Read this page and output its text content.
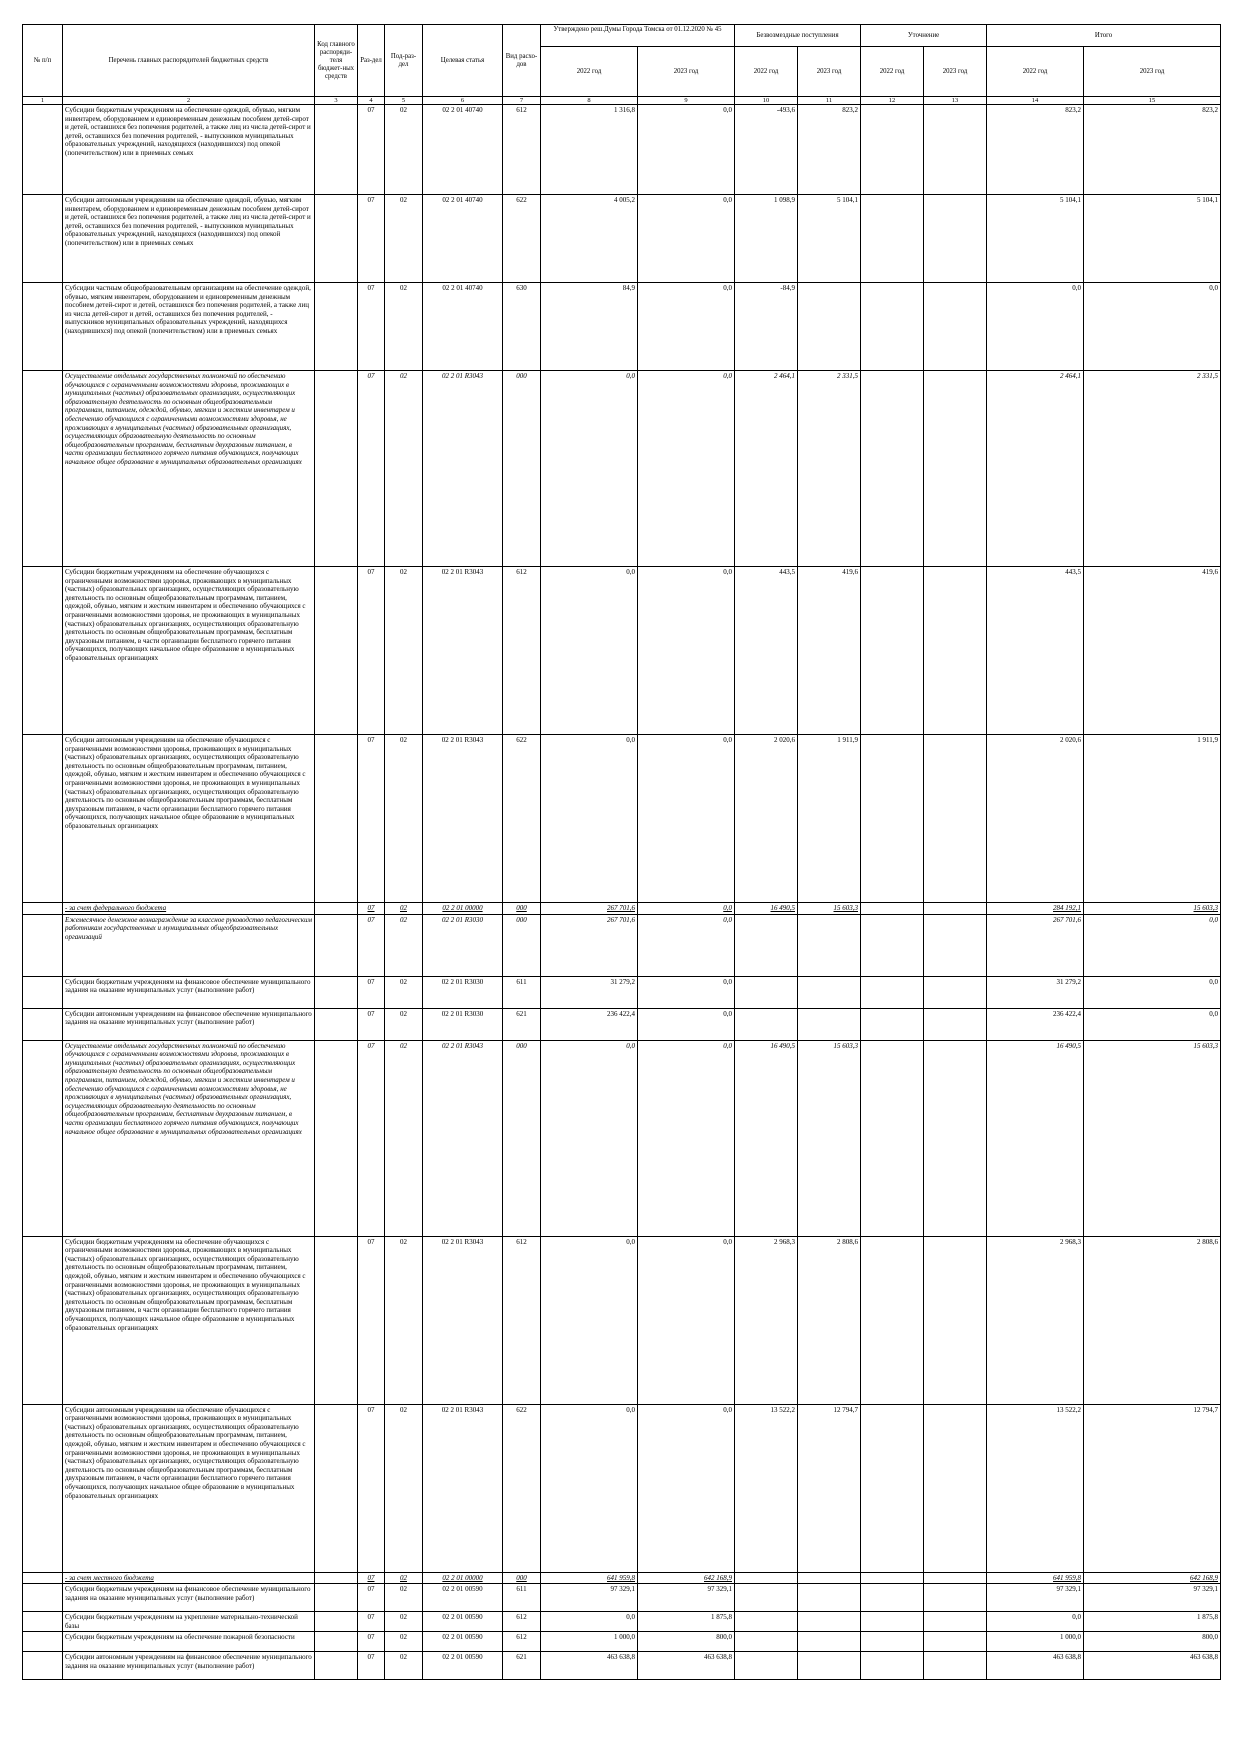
№ п/п	Перечень главных распорядителей бюджетных средств	Код главного распоряди-теля бюджет-ных средств	Раз-дел	Под-раз-дел	Целевая статья	Вид расхо-дов	Утверждено реш.Думы Города Томска от 01.12.2020 № 45		Безвозмездные поступления		Уточнение		Итого	
							2022 год	2023 год	2022 год	2023 год	2022 год	2023 год	2022 год	2023 год
1	2	3	4	5	6	7	8	9	10	11	12	13	14	15
	Субсидии бюджетным учреждениям на обеспечение одеждой, обувью, мягким инвентарем, оборудованием и единовременным денежным пособием детей-сирот и детей, оставшихся без попечения родителей, а также лиц из числа детей-сирот и детей, оставшихся без попечения родителей, - выпускников муниципальных образовательных учреждений, находящихся (находившихся) под опекой (попечительством) или в приемных семьях		07	02	02 2 01 40740	612	1 316,8	0,0	-493,6	823,2			823,2	823,2
	Субсидии автономным учреждениям на обеспечение одеждой, обувью, мягким инвентарем, оборудованием и единовременным денежным пособием детей-сирот и детей, оставшихся без попечения родителей, а также лиц из числа детей-сирот и детей, оставшихся без попечения родителей, - выпускников муниципальных образовательных учреждений, находящихся (находившихся) под опекой (попечительством) или в приемных семьях		07	02	02 2 01 40740	622	4 005,2	0,0	1 098,9	5 104,1			5 104,1	5 104,1
	Субсидии частным общеобразовательным организациям на обеспечение одеждой, обувью, мягким инвентарем, оборудованием и единовременным денежным пособием детей-сирот и детей, оставшихся без попечения родителей, а также лиц из числа детей-сирот и детей, оставшихся без попечения родителей, - выпускников муниципальных образовательных учреждений, находящихся (находившихся) под опекой (попечительством) или в приемных семьях		07	02	02 2 01 40740	630	84,9	0,0	-84,9				0,0	0,0
	Осуществление отдельных государственных полномочий по обеспечению обучающихся с ограниченными возможностями здоровья, проживающих в муниципальных (частных) образовательных организациях, осуществляющих образовательную деятельность по основным общеобразовательным программам, питанием, одеждой, обувью, мягким и жестким инвентарем и обеспечению обучающихся с ограниченными возможностями здоровья, не проживающих в муниципальных (частных) образовательных организациях, осуществляющих образовательную деятельность по основным общеобразовательным программам, бесплатным двухразовым питанием, в части организации бесплатного горячего питания обучающихся, получающих начальное общее образование в муниципальных образовательных организациях		07	02	02 2 01 R3043	000	0,0	0,0	2 464,1	2 331,5			2 464,1	2 331,5
	Субсидии бюджетным учреждениям на обеспечение обучающихся с ограниченными возможностями здоровья, проживающих в муниципальных (частных) образовательных организациях, осуществляющих образовательную деятельность по основным общеобразовательным программам, питанием, одеждой, обувью, мягким и жестким инвентарем и обеспечению обучающихся с ограниченными возможностями здоровья, не проживающих в муниципальных (частных) образовательных организациях, осуществляющих образовательную деятельность по основным общеобразовательным программам, бесплатным двухразовым питанием, в части организации бесплатного горячего питания обучающихся, получающих начальное общее образование в муниципальных образовательных организациях		07	02	02 2 01 R3043	612	0,0	0,0	443,5	419,6			443,5	419,6
	Субсидии автономным учреждениям на обеспечение обучающихся с ограниченными возможностями здоровья, проживающих в муниципальных (частных) образовательных организациях, осуществляющих образовательную деятельность по основным общеобразовательным программам, питанием, одеждой, обувью, мягким и жестким инвентарем и обеспечению обучающихся с ограниченными возможностями здоровья, не проживающих в муниципальных (частных) образовательных организациях, осуществляющих образовательную деятельность по основным общеобразовательным программам, бесплатным двухразовым питанием, в части организации бесплатного горячего питания обучающихся, получающих начальное общее образование в муниципальных образовательных организациях		07	02	02 2 01 R3043	622	0,0	0,0	2 020,6	1 911,9			2 020,6	1 911,9
	- за счет федерального бюджета		07	02	02 2 01 00000	000	267 701,6	0,0	16 490,5	15 603,3			284 192,1	15 603,3
	Ежемесячное денежное вознаграждение за классное руководство педагогическим работникам государственных и муниципальных общеобразовательных организаций		07	02	02 2 01 R3030	000	267 701,6	0,0					267 701,6	0,0
	Субсидии бюджетным учреждениям на финансовое обеспечение муниципального задания на оказание муниципальных услуг (выполнение работ)		07	02	02 2 01 R3030	611	31 279,2	0,0					31 279,2	0,0
	Субсидии автономным учреждениям на финансовое обеспечение муниципального задания на оказание муниципальных услуг (выполнение работ)		07	02	02 2 01 R3030	621	236 422,4	0,0					236 422,4	0,0
	Осуществление отдельных государственных полномочий по обеспечению обучающихся с ограниченными возможностями здоровья, проживающих в муниципальных (частных) образовательных организациях, осуществляющих образовательную деятельность по основным общеобразовательным программам, питанием, одеждой, обувью, мягким и жестким инвентарем и обеспечению обучающихся с ограниченными возможностями здоровья, не проживающих в муниципальных (частных) образовательных организациях, осуществляющих образовательную деятельность по основным общеобразовательным программам, бесплатным двухразовым питанием, в части организации бесплатного горячего питания обучающихся, получающих начальное общее образование в муниципальных образовательных организациях		07	02	02 2 01 R3043	000	0,0	0,0	16 490,5	15 603,3			16 490,5	15 603,3
	Субсидии бюджетным учреждениям на обеспечение обучающихся с ограниченными возможностями здоровья, проживающих в муниципальных (частных) образовательных организациях, осуществляющих образовательную деятельность по основным общеобразовательным программам, питанием, одеждой, обувью, мягким и жестким инвентарем и обеспечению обучающихся с ограниченными возможностями здоровья, не проживающих в муниципальных (частных) образовательных организациях, осуществляющих образовательную деятельность по основным общеобразовательным программам, бесплатным двухразовым питанием, в части организации бесплатного горячего питания обучающихся, получающих начальное общее образование в муниципальных образовательных организациях		07	02	02 2 01 R3043	612	0,0	0,0	2 968,3	2 808,6			2 968,3	2 808,6
	Субсидии автономным учреждениям на обеспечение обучающихся с ограниченными возможностями здоровья, проживающих в муниципальных (частных) образовательных организациях, осуществляющих образовательную деятельность по основным общеобразовательным программам, питанием, одеждой, обувью, мягким и жестким инвентарем и обеспечению обучающихся с ограниченными возможностями здоровья, не проживающих в муниципальных (частных) образовательных организациях, осуществляющих образовательную деятельность по основным общеобразовательным программам, бесплатным двухразовым питанием, в части организации бесплатного горячего питания обучающихся, получающих начальное общее образование в муниципальных образовательных организациях		07	02	02 2 01 R3043	622	0,0	0,0	13 522,2	12 794,7			13 522,2	12 794,7
	- за счет местного бюджета		07	02	02 2 01 00000	000	641 959,8	642 168,9					641 959,8	642 168,9
	Субсидии бюджетным учреждениям на финансовое обеспечение муниципального задания на оказание муниципальных услуг (выполнение работ)		07	02	02 2 01 00590	611	97 329,1	97 329,1					97 329,1	97 329,1
	Субсидии бюджетным учреждениям на укрепление материально-технической базы		07	02	02 2 01 00590	612	0,0	1 875,8					0,0	1 875,8
	Субсидии бюджетным учреждениям на обеспечение пожарной безопасности		07	02	02 2 01 00590	612	1 000,0	800,0					1 000,0	800,0
	Субсидии автономным учреждениям на финансовое обеспечение муниципального задания на оказание муниципальных услуг (выполнение работ)		07	02	02 2 01 00590	621	463 638,8	463 638,8					463 638,8	463 638,8
